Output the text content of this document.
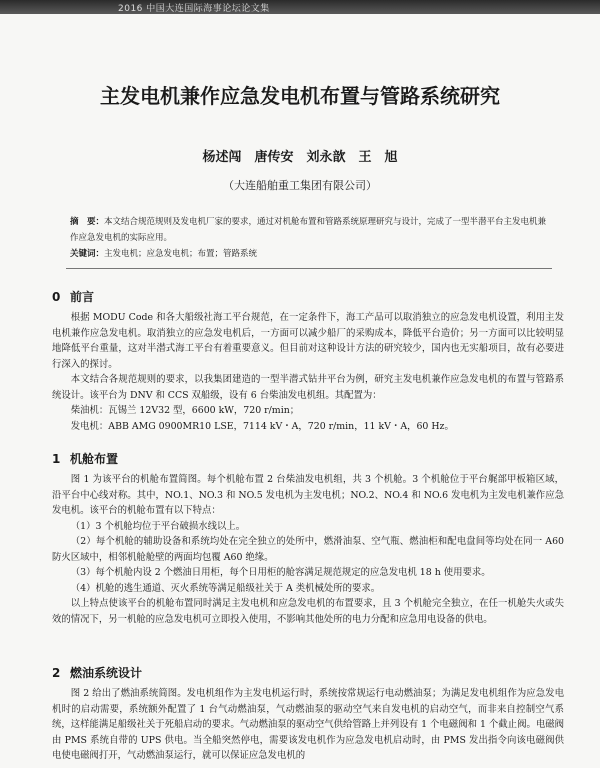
2016 中国大连国际海事论坛论文集
主发电机兼作应急发电机布置与管路系统研究
杨述闯　唐传安　刘永歆　王　旭
（大连船舶重工集团有限公司）
摘　要：本文结合规范规则及发电机厂家的要求，通过对机舱布置和管路系统原理研究与设计，完成了一型半潜平台主发电机兼作应急发电机的实际应用。
关键词：主发电机；应急发电机；布置；管路系统
0 前言

根据 MODU Code 和各大船级社海工平台规范，在一定条件下，海工产品可以取消独立的应急发电机设置，利用主发电机兼作应急发电机。取消独立的应急发电机后，一方面可以减少船厂的采购成本，降低平台造价；另一方面可以比较明显地降低平台重量，这对半潜式海工平台有着重要意义。但目前对这种设计方法的研究较少，国内也无实船项目，故有必要进行深入的探讨。

本文结合各规范规则的要求，以我集团建造的一型半潜式钻井平台为例，研究主发电机兼作应急发电机的布置与管路系统设计。该平台为 DNV 和 CCS 双船级，设有 6 台柴油发电机组。其配置为：

柴油机：瓦锡兰 12V32 型，6600 kW，720 r/min；

发电机：ABB AMG 0900MR10 LSE，7114 kV・A，720 r/min，11 kV・A，60 Hz。

1 机舱布置

图 1 为该平台的机舱布置简图。每个机舱布置 2 台柴油发电机组，共 3 个机舱。3 个机舱位于平台艉部甲板箱区域，沿平台中心线对称。其中，NO.1、NO.3 和 NO.5 发电机为主发电机；NO.2、NO.4 和 NO.6 发电机为主发电机兼作应急发电机。该平台的机舱布置有以下特点：

（1）3 个机舱均位于平台破损水线以上。

（2）每个机舱的辅助设备和系统均处在完全独立的处所中，燃滑油泵、空气瓶、燃油柜和配电盘间等均处在同一 A60 防火区域中，相邻机舱舱壁的两面均包覆 A60 绝缘。

（3）每个机舱内设 2 个燃油日用柜，每个日用柜的舱容满足规范规定的应急发电机 18 h 使用要求。

（4）机舱的逃生通道、灭火系统等满足船级社关于 A 类机械处所的要求。

以上特点使该平台的机舱布置同时满足主发电机和应急发电机的布置要求，且 3 个机舱完全独立，在任一机舱失火或失效的情况下，另一机舱的应急发电机可立即投入使用，不影响其他处所的电力分配和应急用电设备的供电。

2 燃油系统设计

图 2 给出了燃油系统简图。发电机组作为主发电机运行时，系统按常规运行电动燃油泵；为满足发电机组作为应急发电机时的启动需要，系统额外配置了 1 台气动燃油泵，气动燃油泵的驱动空气来自发电机的启动空气，而非来自控制空气系统，这样能满足船级社关于死船启动的要求。气动燃油泵的驱动空气供给管路上并列设有 1 个电磁阀和 1 个截止阀。电磁阀由 PMS 系统自带的 UPS 供电。当全船突然停电，需要该发电机作为应急发电机启动时，由 PMS 发出指令向该电磁阀供电使电磁阀打开，气动燃油泵运行，就可以保证应急发电机的
